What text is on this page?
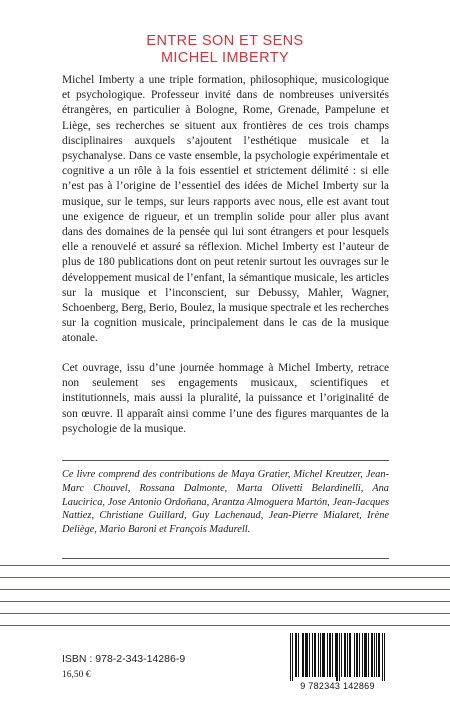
ENTRE SON ET SENS
MICHEL IMBERTY

Michel Imberty a une triple formation, philosophique, musicologique et psychologique. Professeur invité dans de nombreuses universités étrangères, en particulier à Bologne, Rome, Grenade, Pampelune et Liège, ses recherches se situent aux frontières de ces trois champs disciplinaires auxquels s’ajoutent l’esthétique musicale et la psychanalyse. Dans ce vaste ensemble, la psychologie expérimentale et cognitive a un rôle à la fois essentiel et strictement délimité : si elle n’est pas à l’origine de l’essentiel des idées de Michel Imberty sur la musique, sur le temps, sur leurs rapports avec nous, elle est avant tout une exigence de rigueur, et un tremplin solide pour aller plus avant dans des domaines de la pensée qui lui sont étrangers et pour lesquels elle a renouvelé et assuré sa réflexion. Michel Imberty est l’auteur de plus de 180 publications dont on peut retenir surtout les ouvrages sur le développement musical de l’enfant, la sémantique musicale, les articles sur la musique et l’inconscient, sur Debussy, Mahler, Wagner, Schoenberg, Berg, Berio, Boulez, la musique spectrale et les recherches sur la cognition musicale, principalement dans le cas de la musique atonale.

Cet ouvrage, issu d’une journée hommage à Michel Imberty, retrace non seulement ses engagements musicaux, scientifiques et institutionnels, mais aussi la pluralité, la puissance et l’originalité de son œuvre. Il apparaît ainsi comme l’une des figures marquantes de la psychologie de la musique.

Ce livre comprend des contributions de Maya Gratier, Michel Kreutzer, Jean-Marc Chouvel, Rossana Dalmonte, Marta Olivetti Belardinelli, Ana Laucirica, Jose Antonio Ordoñana, Arantza Almoguera Martón, Jean-Jacques Nattiez, Christiane Guillard, Guy Lachenaud, Jean-Pierre Mialaret, Irène Deliège, Mario Baroni et François Madurell.

ISBN : 978-2-343-14286-9
16,50 €
9 782343 142869
